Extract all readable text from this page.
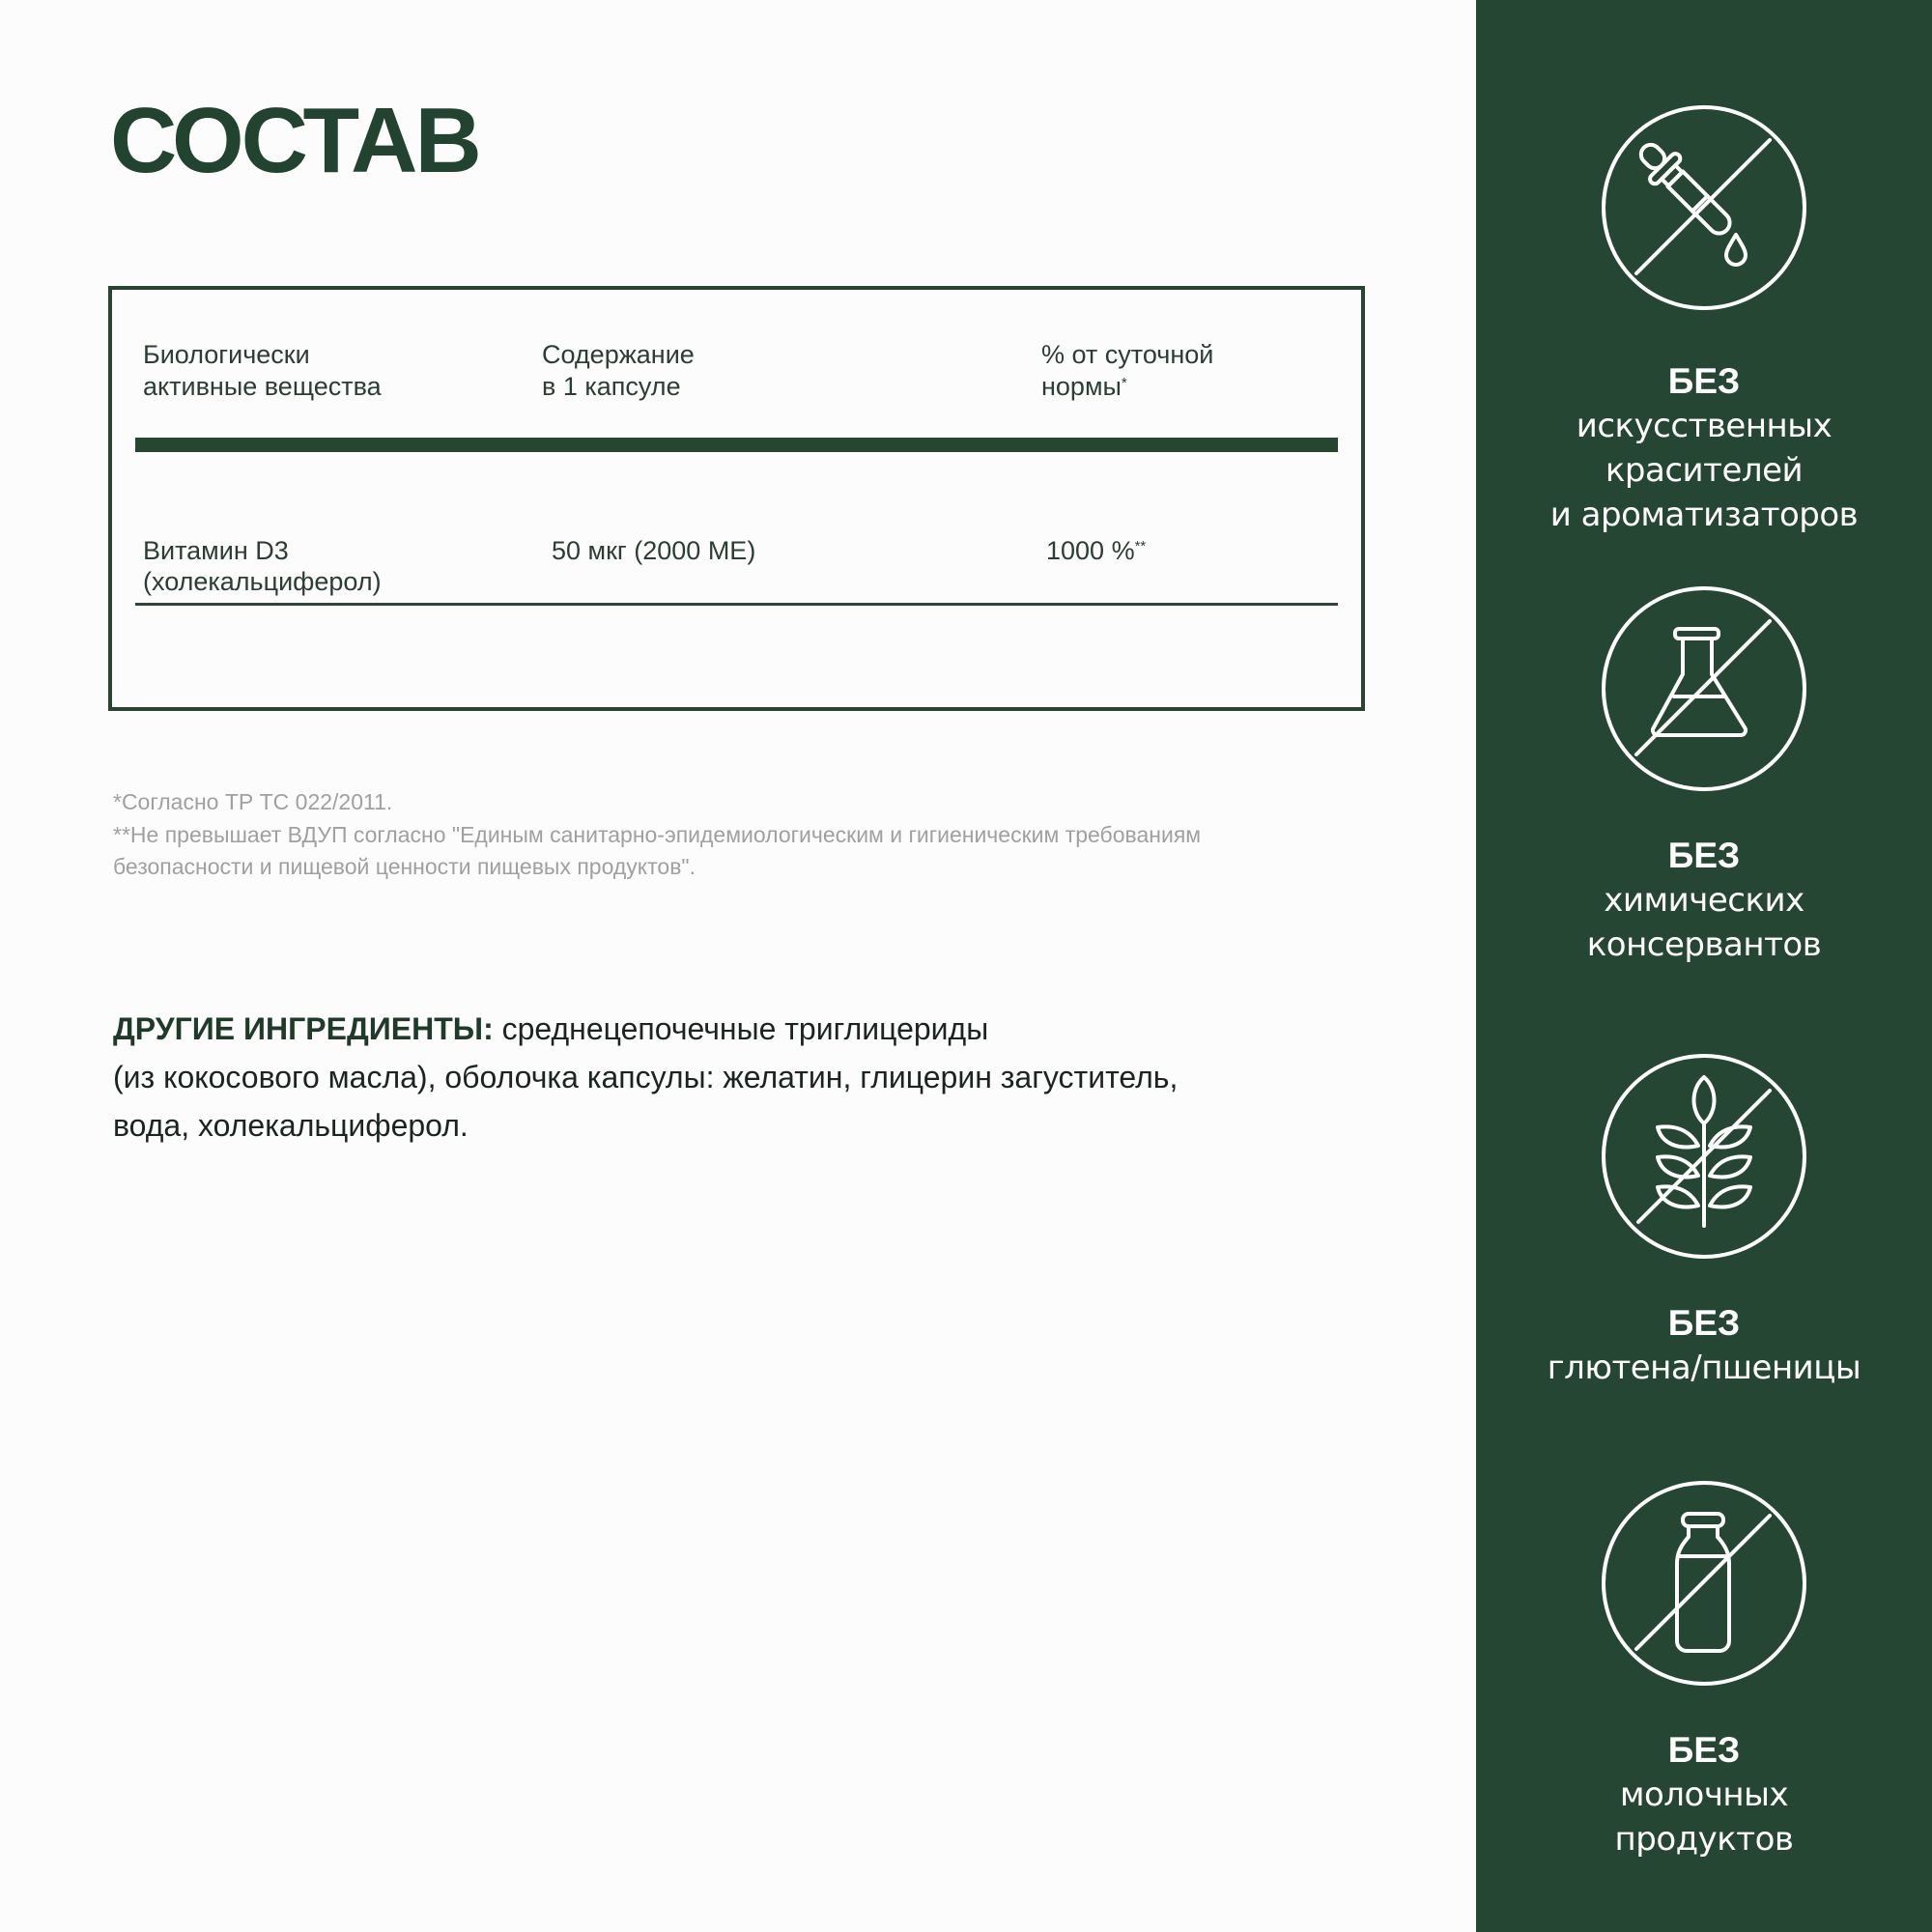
СОСТАВ
Биологически
активные вещества
Содержание
в 1 капсуле
% от суточной
нормы*
Витамин D3
(холекальциферол)
50 мкг (2000 МЕ)	1000 %**
*Согласно ТР ТС 022/2011.
**Не превышает ВДУП согласно "Единым санитарно-эпидемиологическим и гигиеническим требованиям
безопасности и пищевой ценности пищевых продуктов".
ДРУГИЕ ИНГРЕДИЕНТЫ: среднецепочечные триглицериды
(из кокосового масла), оболочка капсулы: желатин, глицерин загуститель,
вода, холекальциферол.
БЕЗ
искусственных
красителей
и ароматизаторов
БЕЗ
химических
консервантов
БЕЗ
глютена/пшеницы
БЕЗ
молочных
продуктов
